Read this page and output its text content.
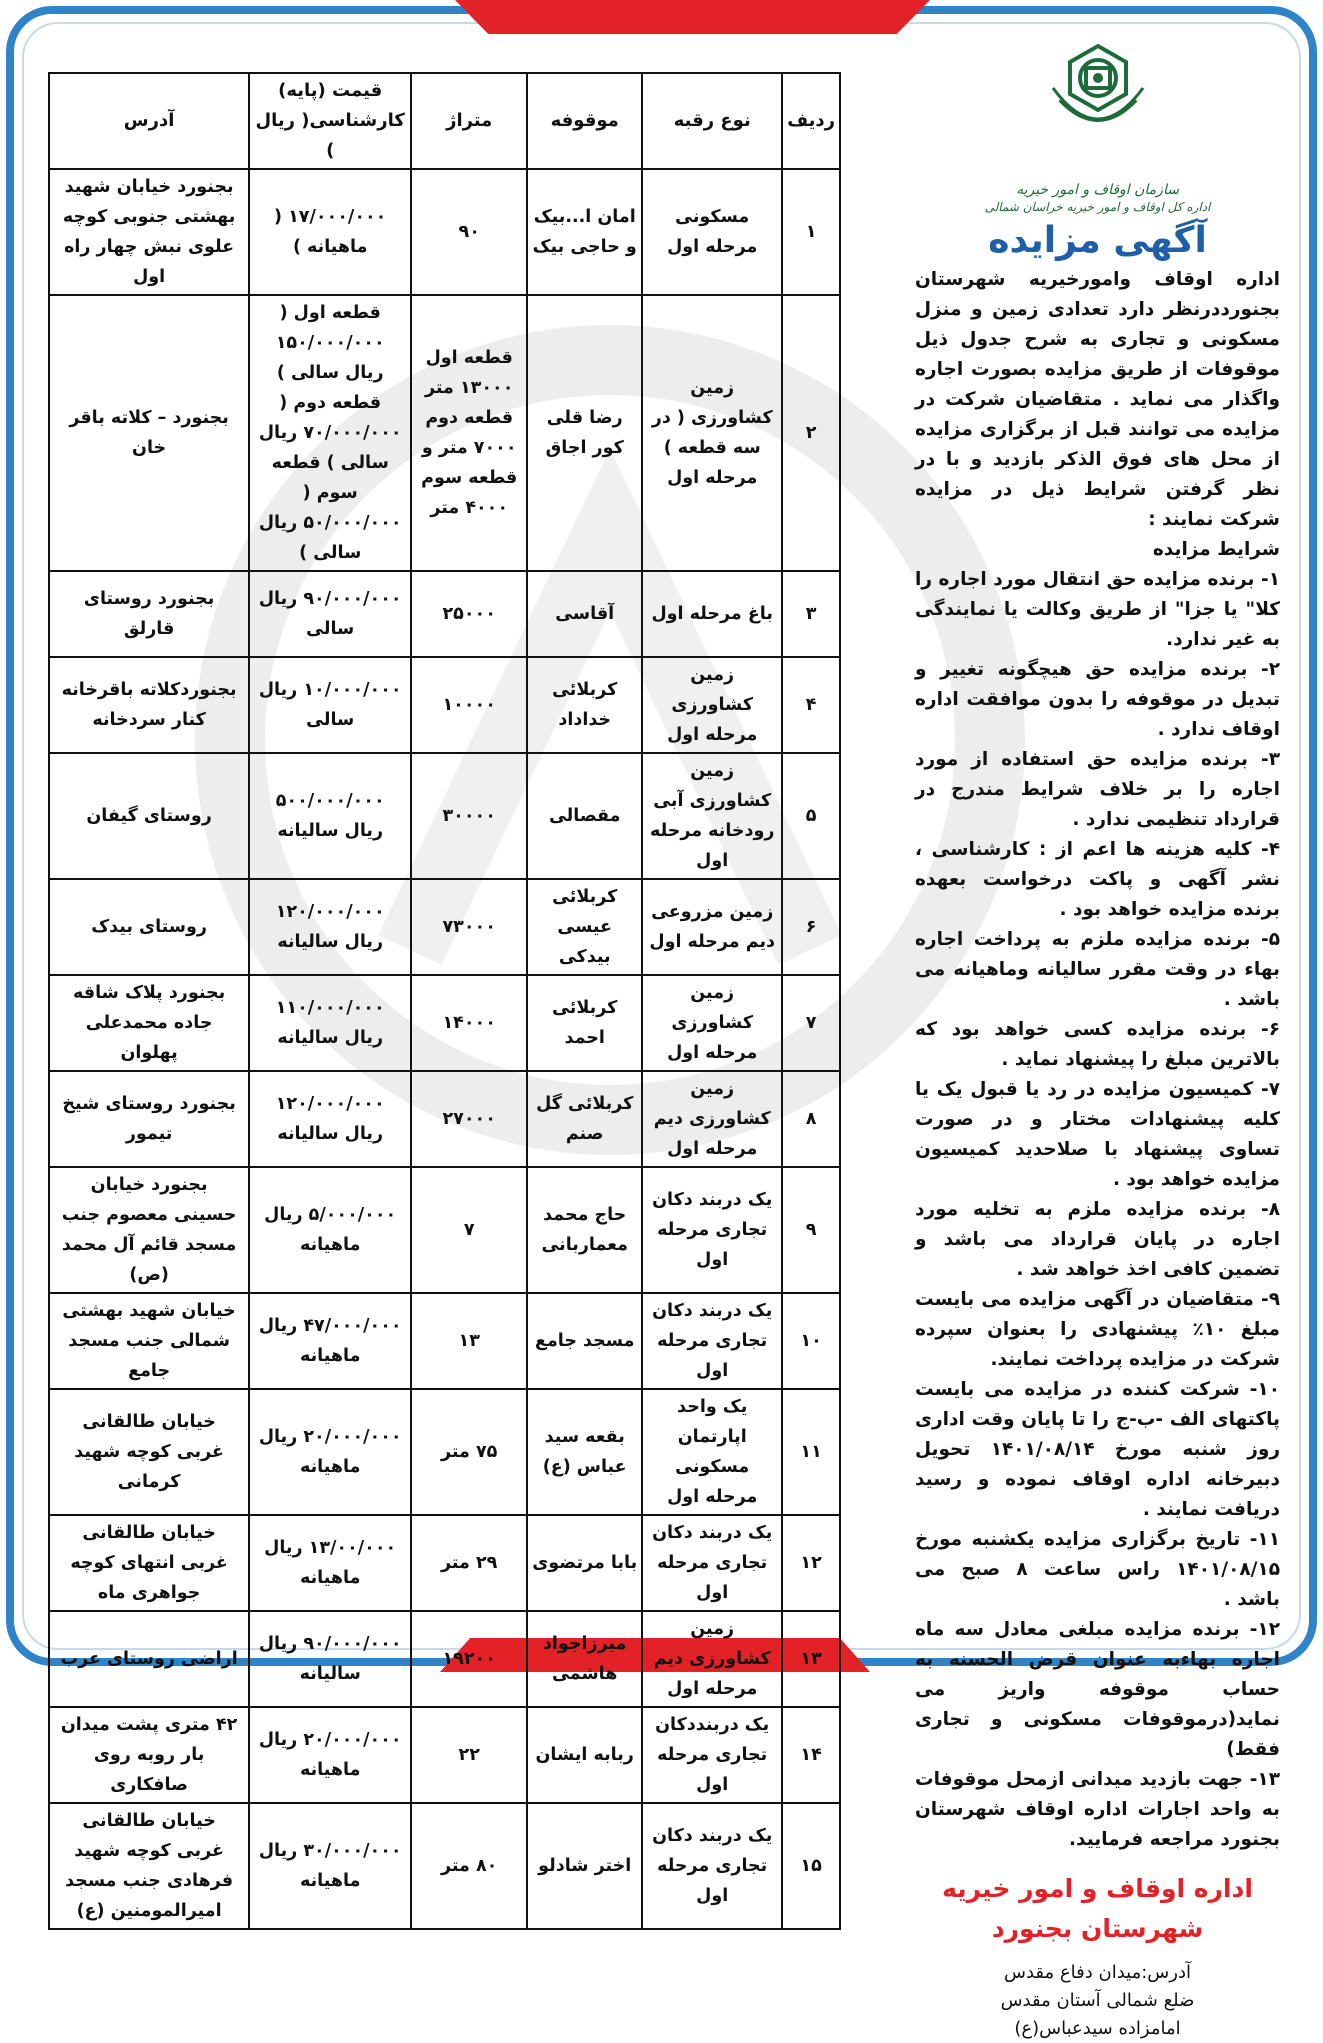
سازمان اوقاف و امور خیریه
اداره کل اوقاف و امور خیریه خراسان شمالی
آگهی مزایده
اداره اوقاف وامورخیریه شهرستان بجنورددرنظر دارد تعدادی زمین و منزل مسکونی و تجاری به شرح جدول ذیل موقوفات از طریق مزایده بصورت اجاره واگذار می نماید . متقاضیان شرکت در مزایده می توانند قبل از برگزاری مزایده از محل های فوق الذکر بازدید و با در نظر گرفتن شرایط ذیل در مزایده شرکت نمایند :
شرایط مزایده

۱- برنده مزایده حق انتقال مورد اجاره را کلا" یا جزا" از طریق وکالت یا نمایندگی به غیر ندارد.

۲- برنده مزایده حق هیچگونه تغییر و تبدیل در موقوفه را بدون موافقت اداره اوقاف ندارد .

۳- برنده مزایده حق استفاده از مورد اجاره را بر خلاف شرایط مندرج در قرارداد تنظیمی ندارد .

۴- کلیه هزینه ها اعم از : کارشناسی ، نشر آگهی و پاکت درخواست بعهده برنده مزایده خواهد بود .

۵- برنده مزایده ملزم به پرداخت اجاره بهاء در وقت مقرر سالیانه وماهیانه می باشد .

۶- برنده مزایده کسی خواهد بود که بالاترین مبلغ را پیشنهاد نماید .

۷- کمیسیون مزایده در رد یا قبول یک یا کلیه پیشنهادات مختار و در صورت تساوی پیشنهاد با صلاحدید کمیسیون مزایده خواهد بود .

۸- برنده مزایده ملزم به تخلیه مورد اجاره در پایان قرارداد می باشد و تضمین کافی اخذ خواهد شد .

۹- متقاضیان در آگهی مزایده می بایست مبلغ ۱۰٪ پیشنهادی را بعنوان سپرده شرکت در مزایده پرداخت نمایند.

۱۰- شرکت کننده در مزایده می بایست پاکتهای الف -ب-ج را تا پایان وقت اداری روز شنبه مورخ ۱۴۰۱/۰۸/۱۴ تحویل دبیرخانه اداره اوقاف نموده و رسید دریافت نمایند .

۱۱- تاریخ برگزاری مزایده یکشنبه مورخ ۱۴۰۱/۰۸/۱۵ راس ساعت ۸ صبح می باشد .

۱۲- برنده مزایده مبلغی معادل سه ماه اجاره بهاءبه عنوان قرض الحسنه به حساب موقوفه واریز می نماید(درموقوفات مسکونی و تجاری فقط)

۱۳- جهت بازدید میدانی ازمحل موقوفات به واحد اجارات اداره اوقاف شهرستان بجنورد مراجعه فرمایید.

اداره اوقاف و امور خیریه
شهرستان بجنورد
آدرس:میدان دفاع مقدس
ضلع شمالی آستان مقدس
امامزاده سیدعباس(ع)
ردیف	نوع رقبه	موقوفه	متراژ	قیمت (پایه) کارشناسی( ریال )	آدرس
۱	مسکونی مرحله اول	امان ا...بیک و حاجی بیک	۹۰	۱۷/۰۰۰/۰۰۰ ( ماهیانه )	بجنورد خیابان شهید بهشتی جنوبی کوچه علوی نبش چهار راه اول
۲	زمین کشاورزی ( در سه قطعه ) مرحله اول	رضا قلی کور اجاق	قطعه اول ۱۳۰۰۰ متر قطعه دوم ۷۰۰۰ متر و قطعه سوم ۴۰۰۰ متر	قطعه اول ( ۱۵۰/۰۰۰/۰۰۰ ریال سالی ) قطعه دوم ( ۷۰/۰۰۰/۰۰۰ ریال سالی ) قطعه سوم ( ۵۰/۰۰۰/۰۰۰ ریال سالی )	بجنورد – کلاته باقر خان
۳	باغ مرحله اول	آقاسی	۲۵۰۰۰	۹۰/۰۰۰/۰۰۰ ریال سالی	بجنورد روستای قارلق
۴	زمین کشاورزی مرحله اول	کربلائی خداداد	۱۰۰۰۰	۱۰/۰۰۰/۰۰۰ ریال سالی	بجنوردکلاته باقرخانه کنار سردخانه
۵	زمین کشاورزی آبی رودخانه مرحله اول	مقصالی	۳۰۰۰۰	۵۰۰/۰۰۰/۰۰۰ ریال سالیانه	روستای گیفان
۶	زمین مزروعی دیم مرحله اول	کربلائی عیسی بیدکی	۷۳۰۰۰	۱۲۰/۰۰۰/۰۰۰ ریال سالیانه	روستای بیدک
۷	زمین کشاورزی مرحله اول	کربلائی احمد	۱۴۰۰۰	۱۱۰/۰۰۰/۰۰۰ ریال سالیانه	بجنورد پلاک شاقه جاده محمدعلی پهلوان
۸	زمین کشاورزی دیم مرحله اول	کربلائی گل صنم	۲۷۰۰۰	۱۲۰/۰۰۰/۰۰۰ ریال سالیانه	بجنورد روستای شیخ تیمور
۹	یک دربند دکان تجاری مرحله اول	حاج محمد معماربانی	۷	۵/۰۰۰/۰۰۰ ریال ماهیانه	بجنورد خیابان حسینی معصوم جنب مسجد قائم آل محمد (ص)
۱۰	یک دربند دکان تجاری مرحله اول	مسجد جامع	۱۳	۴۷/۰۰۰/۰۰۰ ریال ماهیانه	خیابان شهید بهشتی شمالی جنب مسجد جامع
۱۱	یک واحد اپارتمان مسکونی مرحله اول	بقعه سید عباس (ع)	۷۵ متر	۲۰/۰۰۰/۰۰۰ ریال ماهیانه	خیابان طالقانی غربی کوچه شهید کرمانی
۱۲	یک دربند دکان تجاری مرحله اول	بابا مرتضوی	۲۹ متر	۱۳/۰۰/۰۰۰ ریال ماهیانه	خیابان طالقانی غربی انتهای کوچه جواهری ماه
۱۳	زمین کشاورزی دیم مرحله اول	میرزاجواد هاشمی	۱۹۲۰۰	۹۰/۰۰۰/۰۰۰ ریال سالیانه	اراضی روستای عرب
۱۴	یک دربنددکان تجاری مرحله اول	ربابه ایشان	۲۲	۲۰/۰۰۰/۰۰۰ ریال ماهیانه	۴۲ متری پشت میدان بار روبه روی صافکاری
۱۵	یک دربند دکان تجاری مرحله اول	اختر شادلو	۸۰ متر	۳۰/۰۰۰/۰۰۰ ریال ماهیانه	خیابان طالقانی غربی کوچه شهید فرهادی جنب مسجد امیرالمومنین (ع)
